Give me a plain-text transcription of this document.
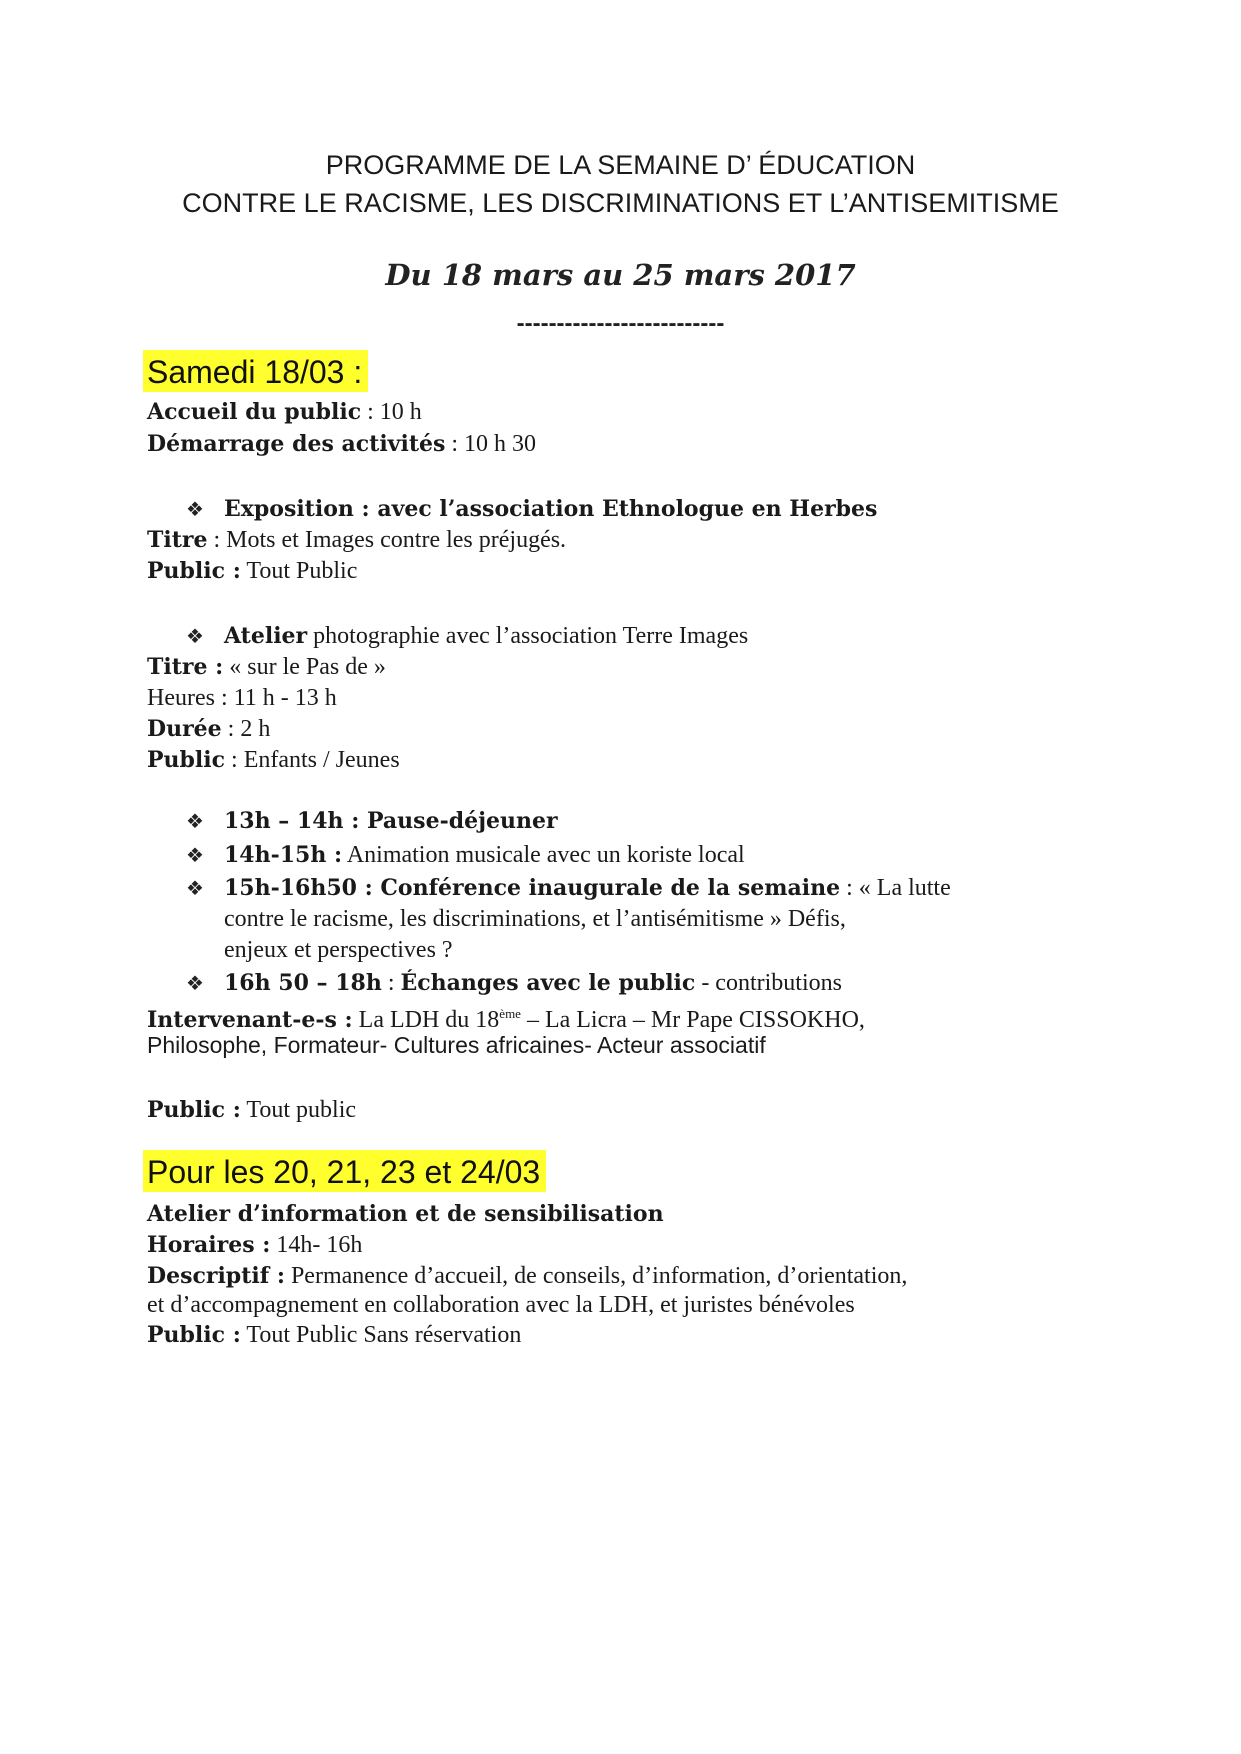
PROGRAMME DE LA SEMAINE D’ ÉDUCATION
CONTRE LE RACISME, LES DISCRIMINATIONS ET L’ANTISEMITISME
Du 18 mars au 25 mars 2017
--------------------------
Samedi 18/03 :
Accueil du public : 10 h
Démarrage des activités : 10 h 30
❖ Exposition : avec l’association Ethnologue en Herbes
Titre : Mots et Images contre les préjugés.
Public : Tout Public
❖ Atelier photographie avec l’association Terre Images
Titre : « sur le Pas de »
Heures : 11 h - 13 h
Durée : 2 h
Public : Enfants / Jeunes
❖ 13h – 14h : Pause-déjeuner
❖ 14h-15h : Animation musicale avec un koriste local
❖ 15h-16h50 : Conférence inaugurale de la semaine : « La lutte
contre le racisme, les discriminations, et l’antisémitisme » Défis,
enjeux et perspectives ?
❖ 16h 50 – 18h : Échanges avec le public - contributions
Intervenant-e-s : La LDH du 18ème – La Licra – Mr Pape CISSOKHO,
Philosophe, Formateur- Cultures africaines- Acteur associatif
Public : Tout public
Pour les 20, 21, 23 et 24/03
Atelier d’information et de sensibilisation
Horaires : 14h- 16h
Descriptif : Permanence d’accueil, de conseils, d’information, d’orientation,
et d’accompagnement en collaboration avec la LDH, et juristes bénévoles
Public : Tout Public Sans réservation
